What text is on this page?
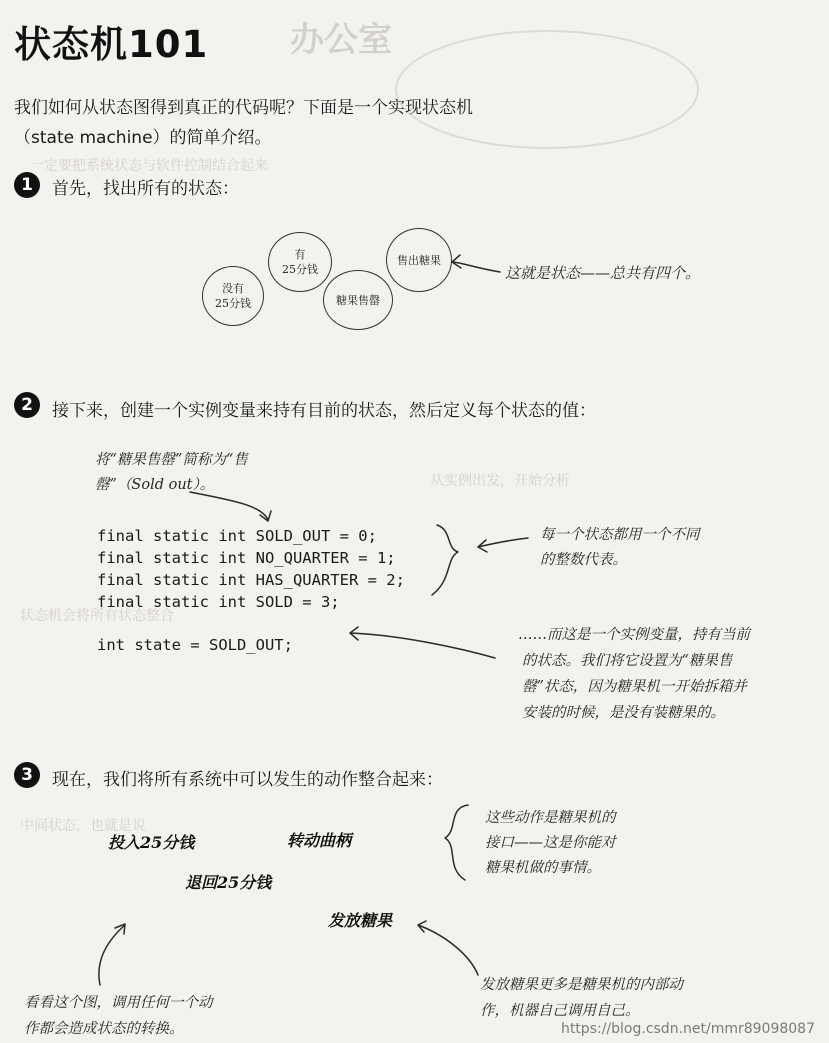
办公室
一定要把系统状态与软件控制结合起来
从实例出发，开始分析
状态机会将所有状态整合
中间状态，也就是说
状态机101
我们如何从状态图得到真正的代码呢？下面是一个实现状态机
（state machine）的简单介绍。
1	首先，找出所有的状态：
没有
25分钱
有
25分钱
糖果售罄
售出糖果
这就是状态——总共有四个。
2	接下来，创建一个实例变量来持有目前的状态，然后定义每个状态的值：
将“糖果售罄”简称为“售
罄”（Sold out）。
final static int SOLD_OUT = 0;
final static int NO_QUARTER = 1;
final static int HAS_QUARTER = 2;
final static int SOLD = 3;
int state = SOLD_OUT;
每一个状态都用一个不同
的整数代表。
……而这是一个实例变量，持有当前
的状态。我们将它设置为“糖果售
罄”状态，因为糖果机一开始拆箱并
安装的时候，是没有装糖果的。
3	现在，我们将所有系统中可以发生的动作整合起来：
这些动作是糖果机的
接口——这是你能对
糖果机做的事情。
投入25分钱	转动曲柄
退回25分钱
发放糖果
看看这个图，调用任何一个动
作都会造成状态的转换。
发放糖果更多是糖果机的内部动
作，机器自己调用自己。
https://blog.csdn.net/mmr89098087
